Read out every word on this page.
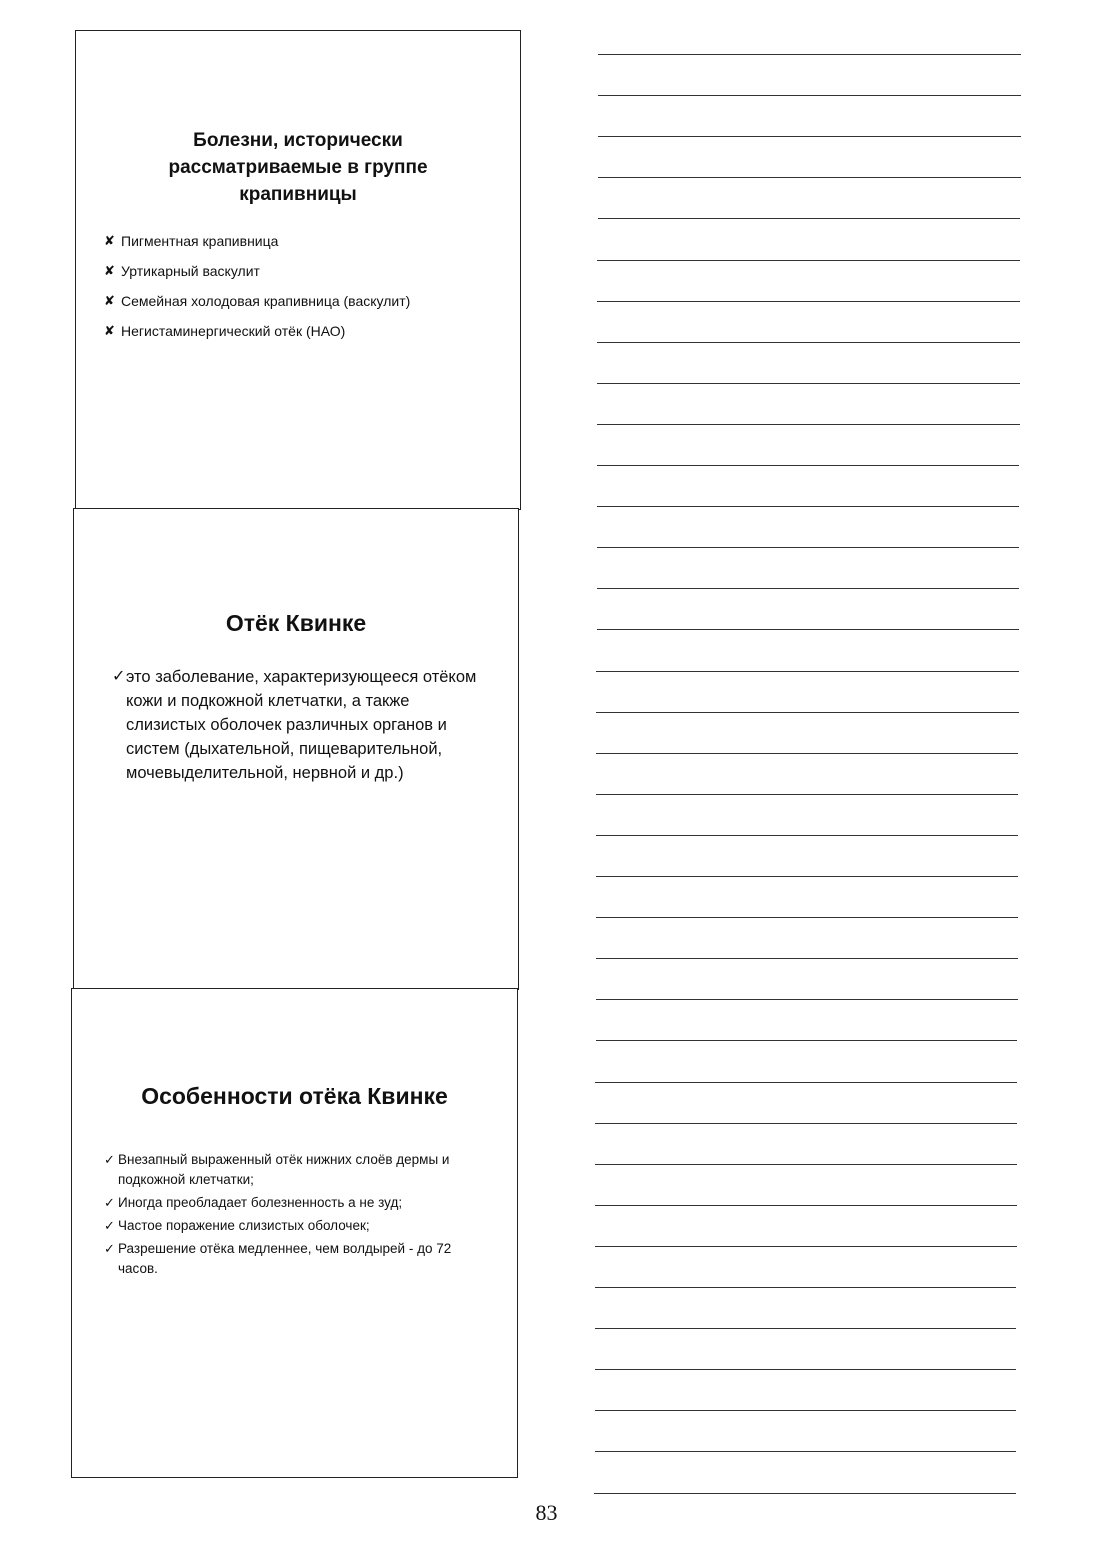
Болезни, исторически рассматриваемые в группе крапивницы
✘ Пигментная крапивница
✘ Уртикарный васкулит
✘ Семейная холодовая крапивница (васкулит)
✘ Негистаминергический отёк (НАО)
Отёк Квинке
✓ это заболевание, характеризующееся отёком кожи и подкожной клетчатки, а также слизистых оболочек различных органов и систем (дыхательной, пищеварительной, мочевыделительной, нервной и др.)
Особенности отёка Квинке
✓ Внезапный выраженный отёк нижних слоёв дермы и подкожной клетчатки;
✓ Иногда преобладает болезненность а не зуд;
✓ Частое поражение слизистых оболочек;
✓ Разрешение отёка медленнее, чем волдырей - до 72 часов.
83
